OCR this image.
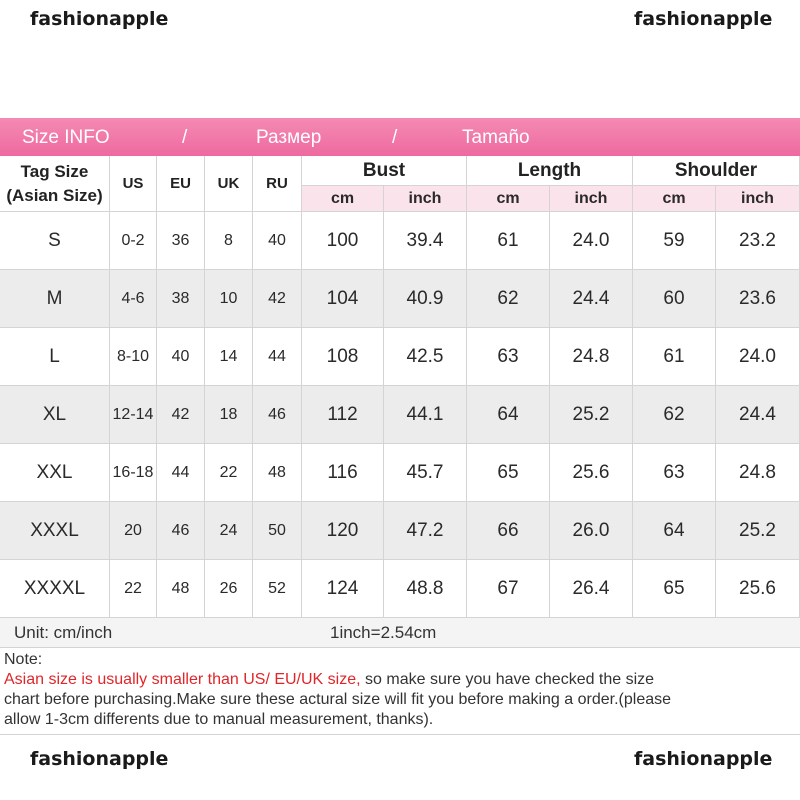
fashionapple	fashionapple
Size INFO	/	Размер	/	Tamaño
Tag Size
(Asian Size)
US	EU	UK	RU
Bust	Length	Shoulder
cm	inch	cm	inch	cm	inch
S	0-2	36	8	40	100	39.4	61	24.0	59	23.2
M	4-6	38	10	42	104	40.9	62	24.4	60	23.6
L	8-10	40	14	44	108	42.5	63	24.8	61	24.0
XL	12-14	42	18	46	112	44.1	64	25.2	62	24.4
XXL	16-18	44	22	48	116	45.7	65	25.6	63	24.8
XXXL	20	46	24	50	120	47.2	66	26.0	64	25.2
XXXXL	22	48	26	52	124	48.8	67	26.4	65	25.6
Unit: cm/inch	1inch=2.54cm

Note:

Asian size is usually smaller than US/ EU/UK size, so make sure you have checked the size

chart before purchasing.Make sure these actural size will fit you before making a order.(please

allow 1-3cm differents due to manual measurement, thanks).

fashionapple	fashionapple
